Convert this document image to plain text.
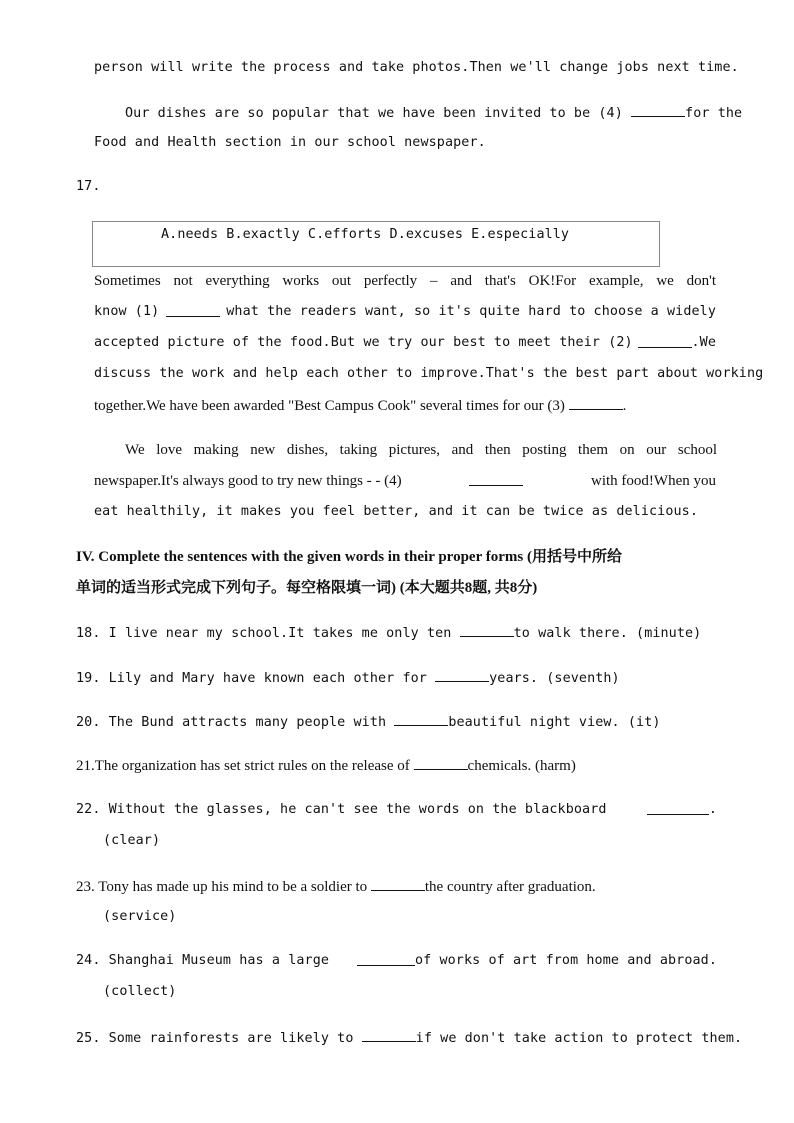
person will write the process and take photos.Then we'll change jobs next time.
Our dishes are so popular that we have been invited to be (4)	for the
Food and Health section in our school newspaper.
17.
A.needs B.exactly C.efforts D.excuses E.especially
Sometimes not everything works out perfectly – and that's OK!For example, we don't
know (1)	what the readers want, so it's quite hard to choose a widely
accepted picture of the food.But we try our best to meet their (2)	.We
discuss the work and help each other to improve.That's the best part about working
together.We have been awarded "Best Campus Cook" several times for our (3)	.
We love making new dishes, taking pictures, and then posting them on our school
newspaper.It's always good to try new things - - (4)	with food!When you
eat healthily, it makes you feel better, and it can be twice as delicious.
IV. Complete the sentences with the given words in their proper forms (用括号中所给
单词的适当形式完成下列句子。每空格限填一词) (本大题共8题, 共8分)
18. I live near my school.It takes me only ten	to walk there. (minute)
19. Lily and Mary have known each other for	years. (seventh)
20. The Bund attracts many people with	beautiful night view. (it)
21.The organization has set strict rules on the release of	chemicals. (harm)
22. Without the glasses, he can't see the words on the blackboard	.
(clear)
23. Tony has made up his mind to be a soldier to	the country after graduation.
(service)
24. Shanghai Museum has a large	of works of art from home and abroad.
(collect)
25. Some rainforests are likely to	if we don't take action to protect them.
